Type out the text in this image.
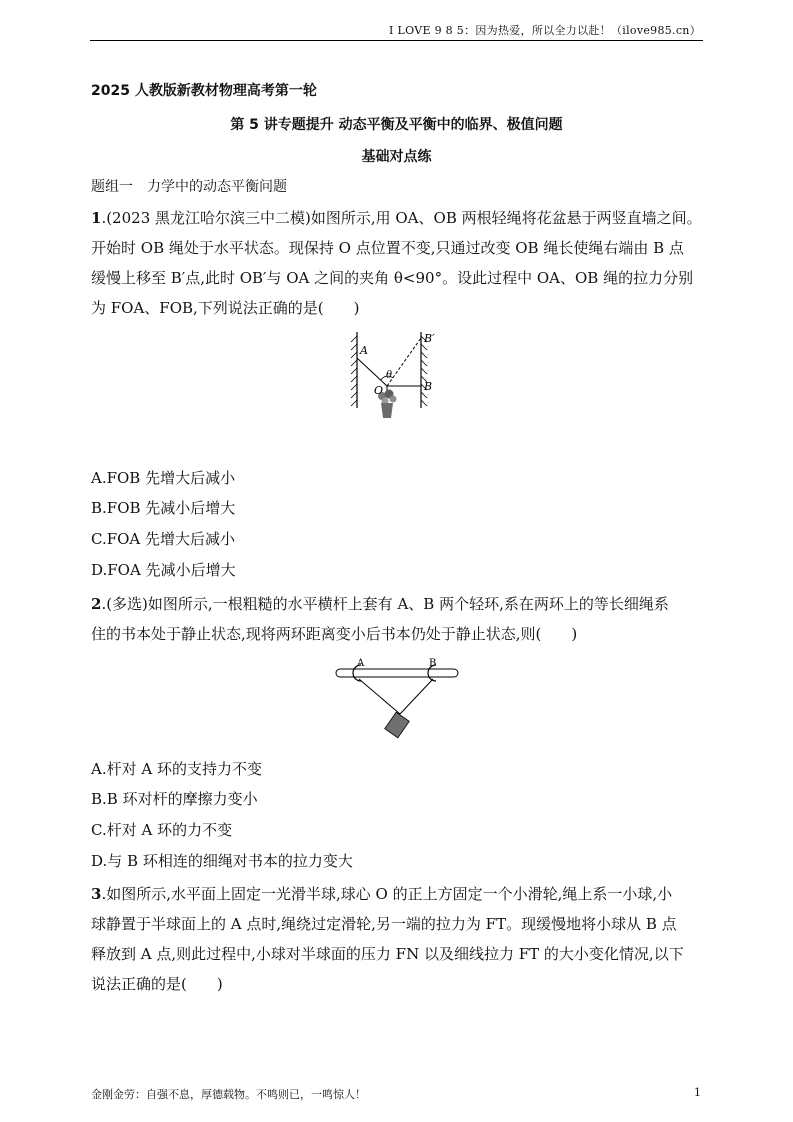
I LOVE 9 8 5：因为热爱，所以全力以赴！（ilove985.cn）
2025 人教版新教材物理高考第一轮
第 5 讲专题提升 动态平衡及平衡中的临界、极值问题
基础对点练
题组一　力学中的动态平衡问题
1.(2023 黑龙江哈尔滨三中二模)如图所示,用 OA、OB 两根轻绳将花盆悬于两竖直墙之间。
开始时 OB 绳处于水平状态。现保持 O 点位置不变,只通过改变 OB 绳长使绳右端由 B 点
缓慢上移至 B′点,此时 OB′与 OA 之间的夹角 θ<90°。设此过程中 OA、OB 绳的拉力分别
为 FOA、FOB,下列说法正确的是(　　)
A
B′
B
O
θ
A.FOB 先增大后减小
B.FOB 先减小后增大
C.FOA 先增大后减小
D.FOA 先减小后增大
2.(多选)如图所示,一根粗糙的水平横杆上套有 A、B 两个轻环,系在两环上的等长细绳系
住的书本处于静止状态,现将两环距离变小后书本仍处于静止状态,则(　　)
A	B
A.杆对 A 环的支持力不变
B.B 环对杆的摩擦力变小
C.杆对 A 环的力不变
D.与 B 环相连的细绳对书本的拉力变大
3.如图所示,水平面上固定一光滑半球,球心 O 的正上方固定一个小滑轮,绳上系一小球,小
球静置于半球面上的 A 点时,绳绕过定滑轮,另一端的拉力为 FT。现缓慢地将小球从 B 点
释放到 A 点,则此过程中,小球对半球面的压力 FN 以及细线拉力 FT 的大小变化情况,以下
说法正确的是(　　)
金刚金劳：自强不息，厚德载物。不鸣则已，一鸣惊人！	1
